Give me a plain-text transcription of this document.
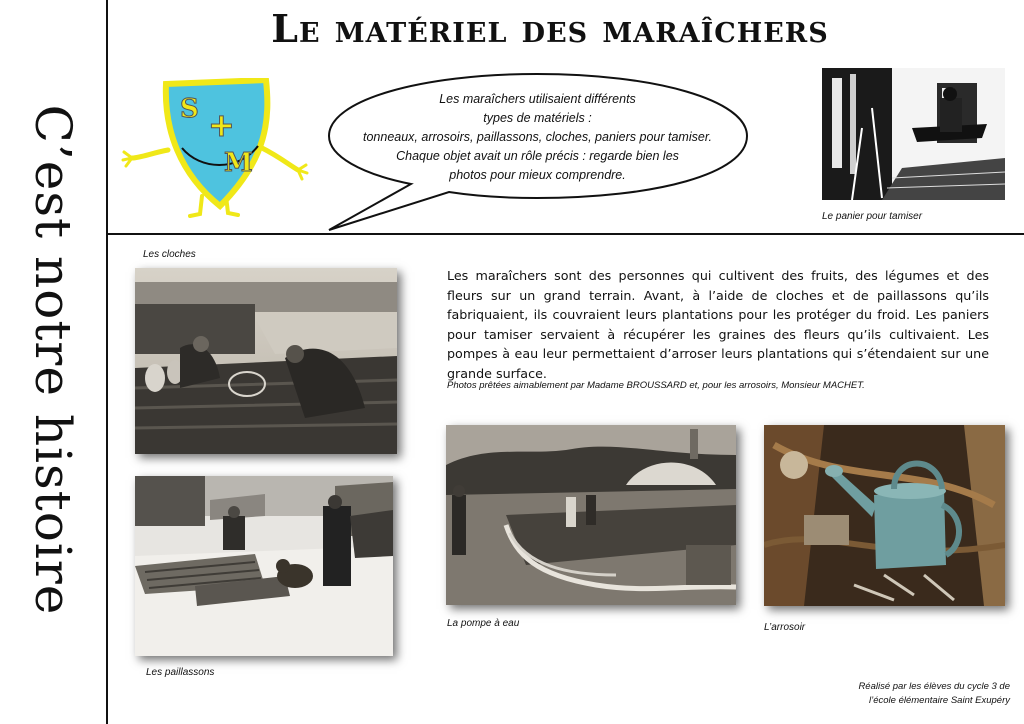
C’est notre histoire
Le matériel des maraîchers
S +
M

Les maraîchers utilisaient différents

types de matériels :

tonneaux, arrosoirs, paillassons, cloches, paniers pour tamiser.

Chaque objet avait un rôle précis : regarde bien les

photos pour mieux comprendre.

Le panier pour tamiser
Les cloches
Les paillassons

Les maraîchers sont des personnes qui cultivent des fruits, des légumes et des fleurs sur un grand terrain. Avant, à l’aide de cloches et de paillassons qu’ils fabriquaient, ils couvraient leurs plantations pour les protéger du froid. Les paniers pour tamiser servaient à récupérer les graines des fleurs qu’ils cultivaient. Les pompes à eau leur permettaient d’arroser leurs plantations qui s’étendaient sur une grande surface.

Photos prêtées aimablement par Madame BROUSSARD et, pour les arrosoirs, Monsieur MACHET.
La pompe à eau	L’arrosoir
Réalisé par les élèves du cycle 3 de
l’école élémentaire Saint Exupéry
